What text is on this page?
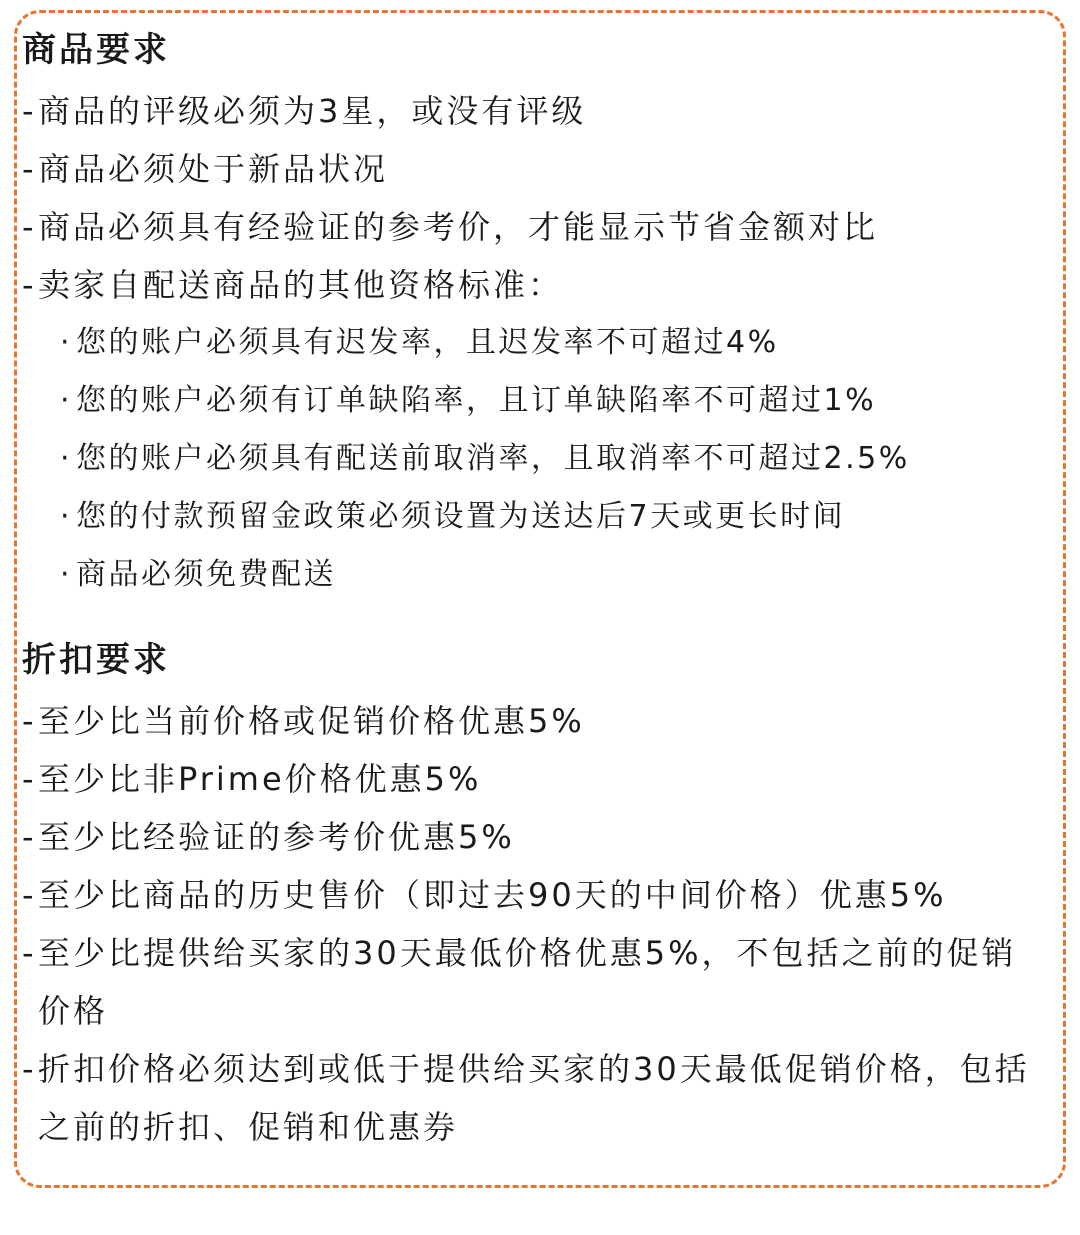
商品要求
- 商品的评级必须为3星，或没有评级
- 商品必须处于新品状况
- 商品必须具有经验证的参考价，才能显示节省金额对比
- 卖家自配送商品的其他资格标准：
· 您的账户必须具有迟发率，且迟发率不可超过4%
· 您的账户必须有订单缺陷率，且订单缺陷率不可超过1%
· 您的账户必须具有配送前取消率，且取消率不可超过2.5%
· 您的付款预留金政策必须设置为送达后7天或更长时间
· 商品必须免费配送
折扣要求
- 至少比当前价格或促销价格优惠5%
- 至少比非Prime价格优惠5%
- 至少比经验证的参考价优惠5%
- 至少比商品的历史售价（即过去90天的中间价格）优惠5%
- 至少比提供给买家的30天最低价格优惠5%，不包括之前的促销价格
- 折扣价格必须达到或低于提供给买家的30天最低促销价格，包括之前的折扣、促销和优惠券
